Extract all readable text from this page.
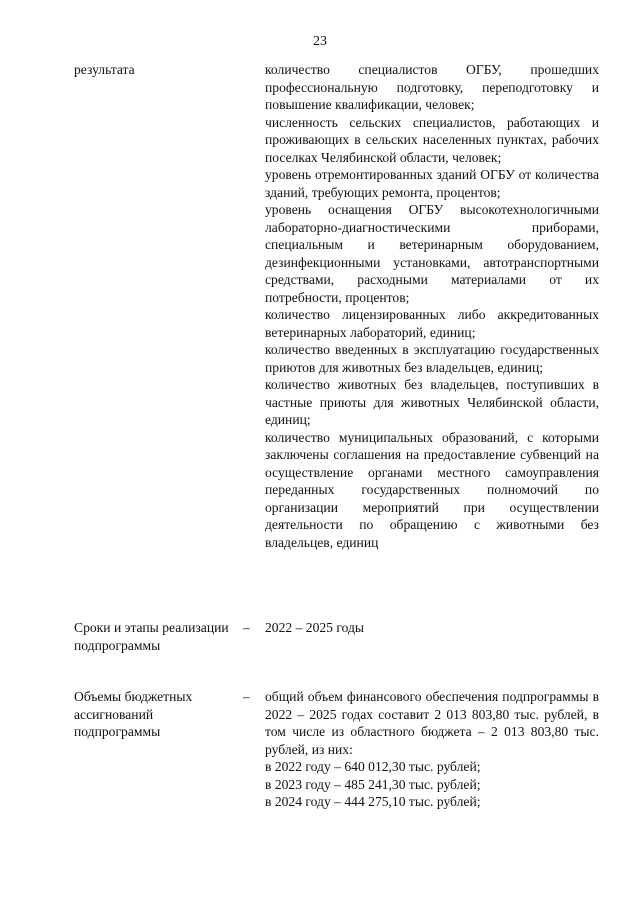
23
результата	количество специалистов ОГБУ, прошедших профессиональную подготовку, переподготовку и повышение квалификации, человек;

численность сельских специалистов, работающих и проживающих в сельских населенных пунктах, рабочих поселках Челябинской области, человек;

уровень отремонтированных зданий ОГБУ от количества зданий, требующих ремонта, процентов;

уровень оснащения ОГБУ высокотехнологичными лабораторно-диагностическими приборами, специальным и ветеринарным оборудованием, дезинфекционными установками, автотранспортными средствами, расходными материалами от их потребности, процентов;

количество лицензированных либо аккредитованных ветеринарных лабораторий, единиц;

количество введенных в эксплуатацию государственных приютов для животных без владельцев, единиц;

количество животных без владельцев, поступивших в частные приюты для животных Челябинской области, единиц;

количество муниципальных образований, с которыми заключены соглашения на предоставление субвенций на осуществление органами местного самоуправления переданных государственных полномочий по организации мероприятий при осуществлении деятельности по обращению с животными без владельцев, единиц

Сроки и этапы реализации подпрограммы
– 2022 – 2025 годы

Объемы бюджетных ассигнований подпрограммы
– общий объем финансового обеспечения подпрограммы в 2022 – 2025 годах составит 2 013 803,80 тыс. рублей, в том числе из областного бюджета – 2 013 803,80 тыс. рублей, из них:

в 2022 году – 640 012,30 тыс. рублей;

в 2023 году – 485 241,30 тыс. рублей;

в 2024 году – 444 275,10 тыс. рублей;
